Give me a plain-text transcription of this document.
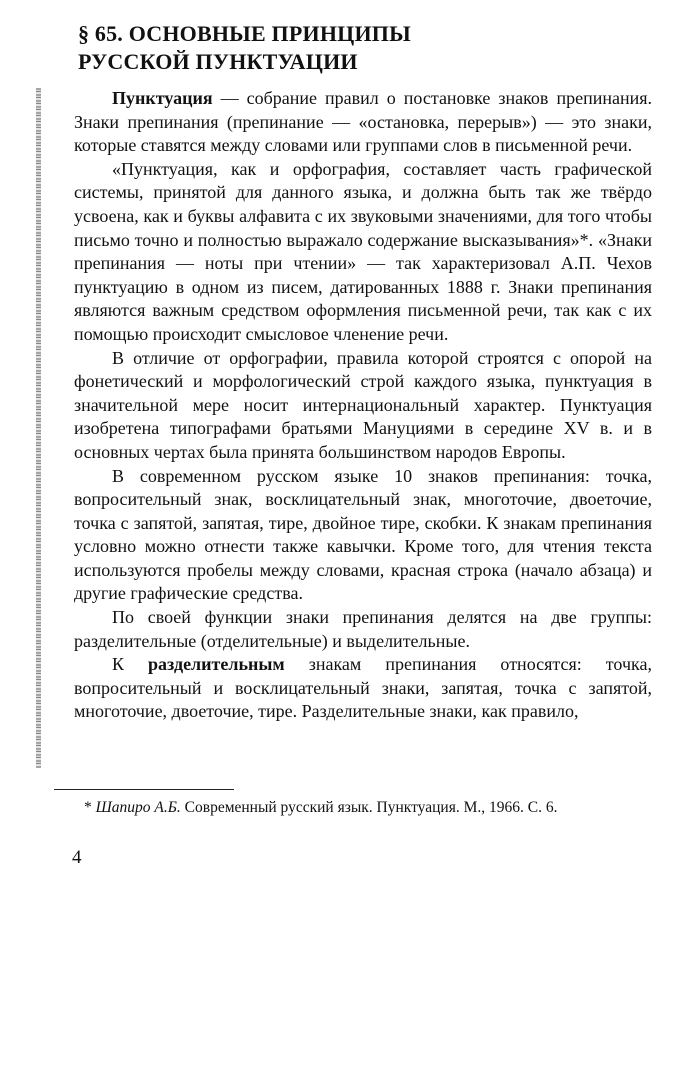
§ 65. ОСНОВНЫЕ ПРИНЦИПЫ
РУССКОЙ ПУНКТУАЦИИ

Пунктуация — собрание правил о постановке знаков препинания. Знаки препинания (препинание — «остановка, перерыв») — это знаки, которые ставятся между словами или группами слов в письменной речи.

«Пунктуация, как и орфография, составляет часть графической системы, принятой для данного языка, и должна быть так же твёрдо усвоена, как и буквы алфавита с их звуковыми значениями, для того чтобы письмо точно и полностью выражало содержание высказывания»*. «Знаки препинания — ноты при чтении» — так характеризовал А.П. Чехов пунктуацию в одном из писем, датированных 1888 г. Знаки препинания являются важным средством оформления письменной речи, так как с их помощью происходит смысловое членение речи.

В отличие от орфографии, правила которой строятся с опорой на фонетический и морфологический строй каждого языка, пунктуация в значительной мере носит интернациональный характер. Пунктуация изобретена типографами братьями Мануциями в середине XV в. и в основных чертах была принята большинством народов Европы.

В современном русском языке 10 знаков препинания: точка, вопросительный знак, восклицательный знак, многоточие, двоеточие, точка с запятой, запятая, тире, двойное тире, скобки. К знакам препинания условно можно отнести также кавычки. Кроме того, для чтения текста используются пробелы между словами, красная строка (начало абзаца) и другие графические средства.

По своей функции знаки препинания делятся на две группы: разделительные (отделительные) и выделительные.

К разделительным знакам препинания относятся: точка, вопросительный и восклицательный знаки, запятая, точка с запятой, многоточие, двоеточие, тире. Разделительные знаки, как правило,

* Шапиро А.Б. Современный русский язык. Пунктуация. М., 1966. С. 6.
4
